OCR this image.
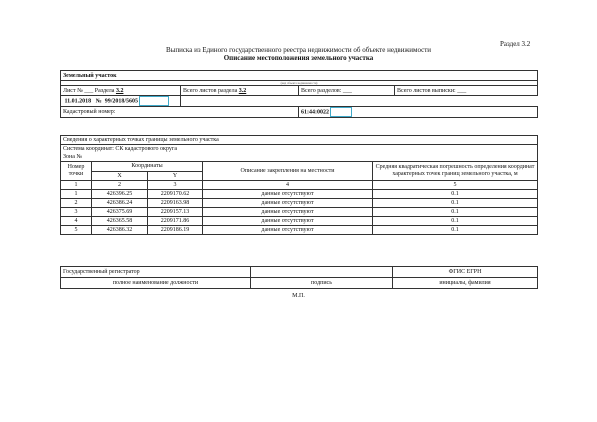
Раздел 3.2
Выписка из Единого государственного реестра недвижимости об объекте недвижимости
Описание местоположения земельного участка
Земельный участок			
(вид объекта недвижимости)			
Лист № ___ Раздела 3.2	Всего листов раздела 3.2	Всего разделов: ___	Всего листов выписки: ___
11.01.2018 № 99/2018/5605			
Кадастровый номер:		61:44:0022	
Сведения о характерных точках границы земельного участка				
Система координат: СК кадастрового округа				
Зона №				
Номер точки	Координаты		Описание закрепления на местности	Средняя квадратическая погрешность определения координат характерных точек границ земельного участка, м
	X	Y		
1	2	3	4	5
1	426396.25	2209170.62	данные отсутствуют	0.1
2	426386.24	2209163.98	данные отсутствуют	0.1
3	426375.69	2209157.13	данные отсутствуют	0.1
4	426365.58	2209171.86	данные отсутствуют	0.1
5	426386.32	2209186.19	данные отсутствуют	0.1
Государственный регистратор		ФГИС ЕГРН
полное наименование должности	подпись	инициалы, фамилия
М.П.
